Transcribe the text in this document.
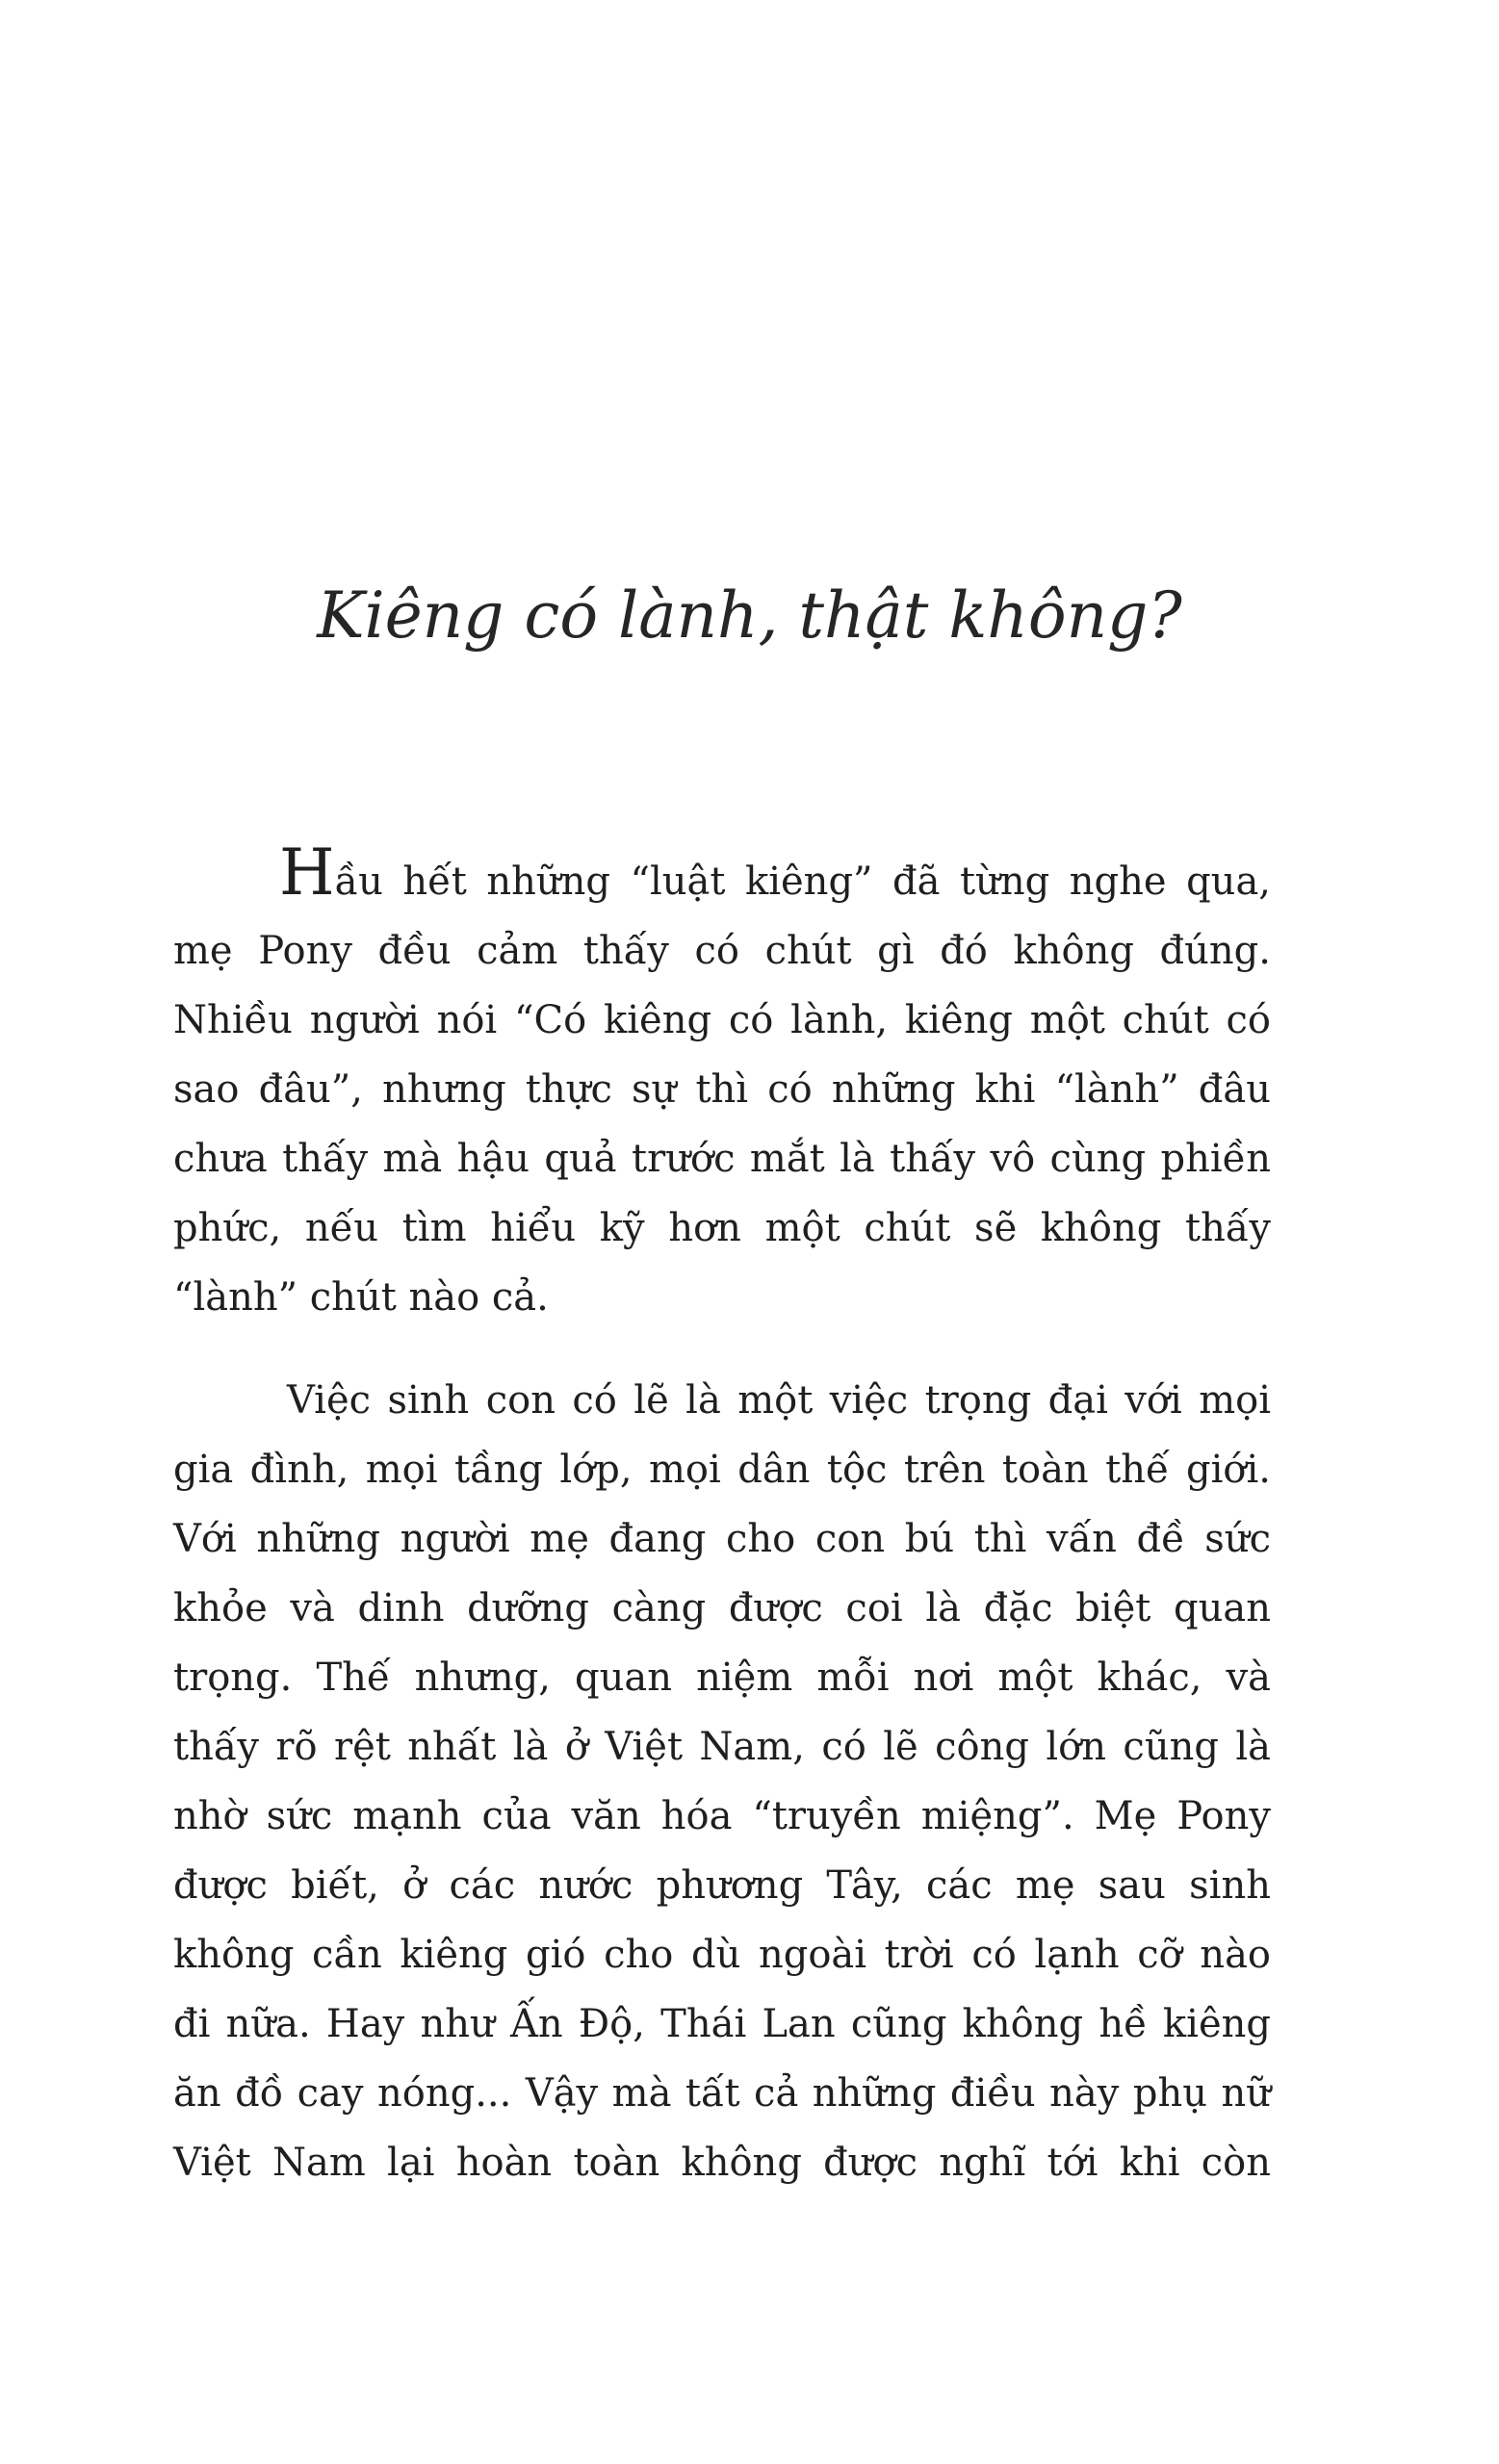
Kiêng có lành, thật không?
Hầu hết những “luật kiêng” đã từng nghe qua,
mẹ Pony đều cảm thấy có chút gì đó không đúng.
Nhiều người nói “Có kiêng có lành, kiêng một chút có
sao đâu”, nhưng thực sự thì có những khi “lành” đâu
chưa thấy mà hậu quả trước mắt là thấy vô cùng phiền
phức, nếu tìm hiểu kỹ hơn một chút sẽ không thấy
“lành” chút nào cả.
Việc sinh con có lẽ là một việc trọng đại với mọi
gia đình, mọi tầng lớp, mọi dân tộc trên toàn thế giới.
Với những người mẹ đang cho con bú thì vấn đề sức
khỏe và dinh dưỡng càng được coi là đặc biệt quan
trọng. Thế nhưng, quan niệm mỗi nơi một khác, và
thấy rõ rệt nhất là ở Việt Nam, có lẽ công lớn cũng là
nhờ sức mạnh của văn hóa “truyền miệng”. Mẹ Pony
được biết, ở các nước phương Tây, các mẹ sau sinh
không cần kiêng gió cho dù ngoài trời có lạnh cỡ nào
đi nữa. Hay như Ấn Độ, Thái Lan cũng không hề kiêng
ăn đồ cay nóng... Vậy mà tất cả những điều này phụ nữ
Việt Nam lại hoàn toàn không được nghĩ tới khi còn
